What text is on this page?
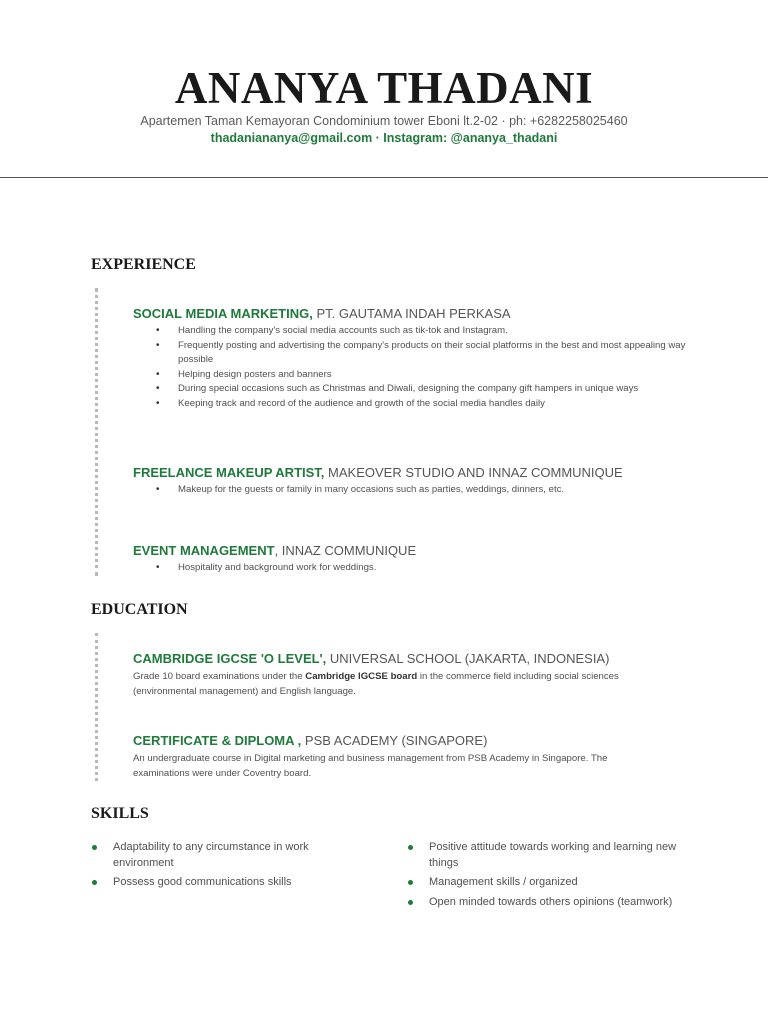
ANANYA THADANI
Apartemen Taman Kemayoran Condominium tower Eboni lt.2-02 · ph: +6282258025460
thadaniananya@gmail.com · Instagram: @ananya_thadani
EXPERIENCE
SOCIAL MEDIA MARKETING, PT. GAUTAMA INDAH PERKASA
• Handling the company's social media accounts such as tik-tok and Instagram.
• Frequently posting and advertising the company's products on their social platforms in the best and most appealing way possible
• Helping design posters and banners
• During special occasions such as Christmas and Diwali, designing the company gift hampers in unique ways
• Keeping track and record of the audience and growth of the social media handles daily
FREELANCE MAKEUP ARTIST, MAKEOVER STUDIO AND INNAZ COMMUNIQUE
• Makeup for the guests or family in many occasions such as parties, weddings, dinners, etc.
EVENT MANAGEMENT, INNAZ COMMUNIQUE
• Hospitality and background work for weddings.
EDUCATION
CAMBRIDGE IGCSE 'O LEVEL', UNIVERSAL SCHOOL (JAKARTA, INDONESIA)
Grade 10 board examinations under the Cambridge IGCSE board in the commerce field including social sciences (environmental management) and English language.
CERTIFICATE & DIPLOMA , PSB ACADEMY (SINGAPORE)
An undergraduate course in Digital marketing and business management from PSB Academy in Singapore. The examinations were under Coventry board.
SKILLS
Adaptability to any circumstance in work environment
Possess good communications skills
Positive attitude towards working and learning new things
Management skills / organized
Open minded towards others opinions (teamwork)
